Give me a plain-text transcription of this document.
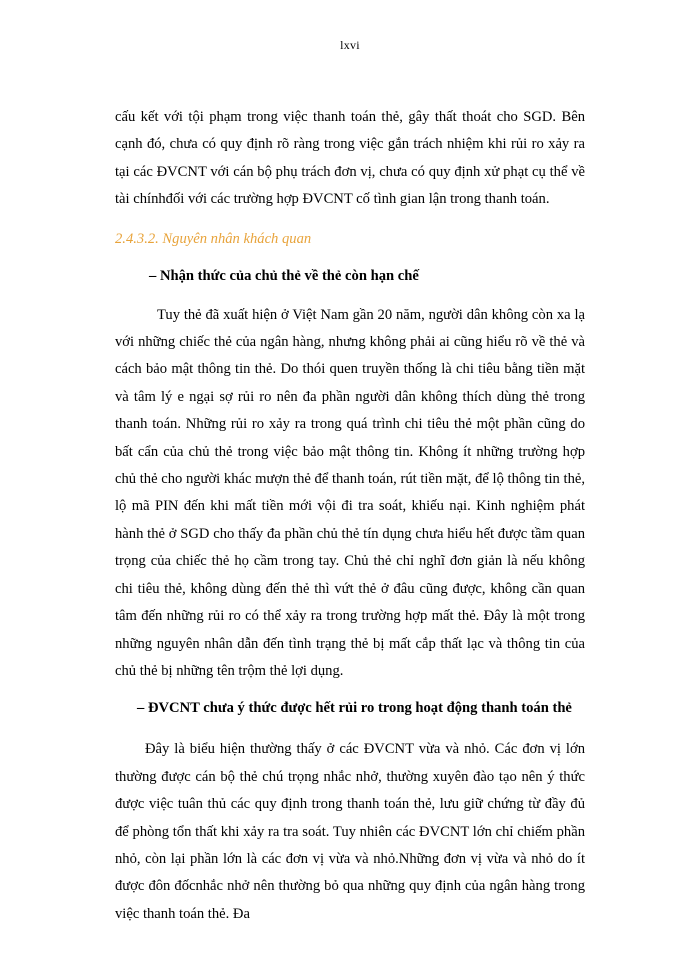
lxvi

cấu kết với tội phạm trong việc thanh toán thẻ, gây thất thoát cho SGD. Bên cạnh đó, chưa có quy định rõ ràng trong việc gắn trách nhiệm khi rủi ro xảy ra tại các ĐVCNT với cán bộ phụ trách đơn vị, chưa có quy định xử phạt cụ thể về tài chínhđối với các trường hợp ĐVCNT cố tình gian lận trong thanh toán.

2.4.3.2. Nguyên nhân khách quan
– Nhận thức của chủ thẻ về thẻ còn hạn chế

Tuy thẻ đã xuất hiện ở Việt Nam gần 20 năm, người dân không còn xa lạ với những chiếc thẻ của ngân hàng, nhưng không phải ai cũng hiểu rõ về thẻ và cách bảo mật thông tin thẻ. Do thói quen truyền thống là chi tiêu bằng tiền mặt và tâm lý e ngại sợ rủi ro nên đa phần người dân không thích dùng thẻ trong thanh toán. Những rủi ro xảy ra trong quá trình chi tiêu thẻ một phần cũng do bất cẩn của chủ thẻ trong việc bảo mật thông tin. Không ít những trường hợp chủ thẻ cho người khác mượn thẻ để thanh toán, rút tiền mặt, để lộ thông tin thẻ, lộ mã PIN đến khi mất tiền mới vội đi tra soát, khiếu nại. Kinh nghiệm phát hành thẻ ở SGD cho thấy đa phần chủ thẻ tín dụng chưa hiểu hết được tầm quan trọng của chiếc thẻ họ cầm trong tay. Chủ thẻ chỉ nghĩ đơn giản là nếu không chi tiêu thẻ, không dùng đến thẻ thì vứt thẻ ở đâu cũng được, không cần quan tâm đến những rủi ro có thể xảy ra trong trường hợp mất thẻ. Đây là một trong những nguyên nhân dẫn đến tình trạng thẻ bị mất cắp thất lạc và thông tin của chủ thẻ bị những tên trộm thẻ lợi dụng.

– ĐVCNT chưa ý thức được hết rủi ro trong hoạt động thanh toán thẻ

Đây là biểu hiện thường thấy ở các ĐVCNT vừa và nhỏ. Các đơn vị lớn thường được cán bộ thẻ chú trọng nhắc nhở, thường xuyên đào tạo nên ý thức được việc tuân thủ các quy định trong thanh toán thẻ, lưu giữ chứng từ đầy đủ để phòng tổn thất khi xảy ra tra soát. Tuy nhiên các ĐVCNT lớn chỉ chiếm phần nhỏ, còn lại phần lớn là các đơn vị vừa và nhỏ.Những đơn vị vừa và nhỏ do ít được đôn đốcnhắc nhở nên thường bỏ qua những quy định của ngân hàng trong việc thanh toán thẻ. Đa
